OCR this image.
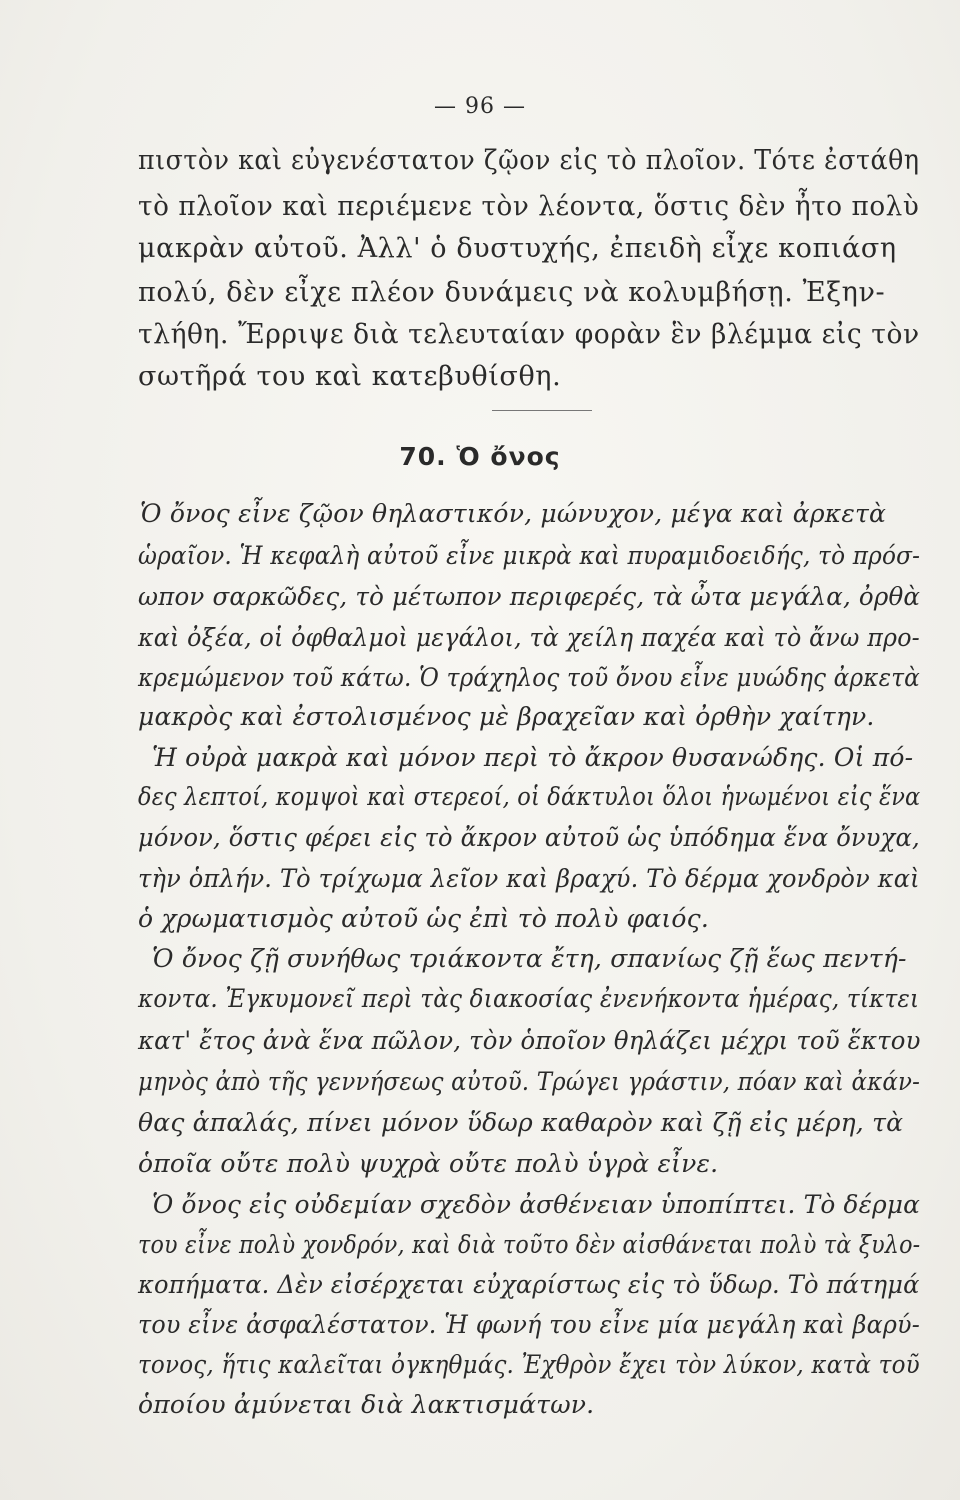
— 96 —
πιστὸν καὶ εὐγενέστατον ζῷον εἰς τὸ πλοῖον. Τότε ἐστάθη
τὸ πλοῖον καὶ περιέμενε τὸν λέοντα, ὅστις δὲν ἦτο πολὺ
μακρὰν αὐτοῦ. Ἀλλ' ὁ δυστυχής, ἐπειδὴ εἶχε κοπιάση
πολύ, δὲν εἶχε πλέον δυνάμεις νὰ κολυμβήσῃ. Ἐξην-
τλήθη. Ἔρριψε διὰ τελευταίαν φορὰν ἓν βλέμμα εἰς τὸν
σωτῆρά του καὶ κατεβυθίσθη.
70. Ὁ ὄνος
Ὁ ὄνος εἶνε ζῷον θηλαστικόν, μώνυχον, μέγα καὶ ἀρκετὰ
ὡραῖον. Ἡ κεφαλὴ αὐτοῦ εἶνε μικρὰ καὶ πυραμιδοειδής, τὸ πρόσ-
ωπον σαρκῶδες, τὸ μέτωπον περιφερές, τὰ ὦτα μεγάλα, ὀρθὰ
καὶ ὀξέα, οἱ ὀφθαλμοὶ μεγάλοι, τὰ χείλη παχέα καὶ τὸ ἄνω προ-
κρεμώμενον τοῦ κάτω. Ὁ τράχηλος τοῦ ὄνου εἶνε μυώδης ἀρκετὰ
μακρὸς καὶ ἐστολισμένος μὲ βραχεῖαν καὶ ὀρθὴν χαίτην.
Ἡ οὐρὰ μακρὰ καὶ μόνον περὶ τὸ ἄκρον θυσανώδης. Οἱ πό-
δες λεπτοί, κομψοὶ καὶ στερεοί, οἱ δάκτυλοι ὅλοι ἡνωμένοι εἰς ἕνα
μόνον, ὅστις φέρει εἰς τὸ ἄκρον αὐτοῦ ὡς ὑπόδημα ἕνα ὄνυχα,
τὴν ὁπλήν. Τὸ τρίχωμα λεῖον καὶ βραχύ. Τὸ δέρμα χονδρὸν καὶ
ὁ χρωματισμὸς αὐτοῦ ὡς ἐπὶ τὸ πολὺ φαιός.
Ὁ ὄνος ζῇ συνήθως τριάκοντα ἔτη, σπανίως ζῇ ἕως πεντή-
κοντα. Ἐγκυμονεῖ περὶ τὰς διακοσίας ἐνενήκοντα ἡμέρας, τίκτει
κατ' ἔτος ἀνὰ ἕνα πῶλον, τὸν ὁποῖον θηλάζει μέχρι τοῦ ἕκτου
μηνὸς ἀπὸ τῆς γεννήσεως αὐτοῦ. Τρώγει γράστιν, πόαν καὶ ἀκάν-
θας ἁπαλάς, πίνει μόνον ὕδωρ καθαρὸν καὶ ζῇ εἰς μέρη, τὰ
ὁποῖα οὔτε πολὺ ψυχρὰ οὔτε πολὺ ὑγρὰ εἶνε.
Ὁ ὄνος εἰς οὐδεμίαν σχεδὸν ἀσθένειαν ὑποπίπτει. Τὸ δέρμα
του εἶνε πολὺ χονδρόν, καὶ διὰ τοῦτο δὲν αἰσθάνεται πολὺ τὰ ξυλο-
κοπήματα. Δὲν εἰσέρχεται εὐχαρίστως εἰς τὸ ὕδωρ. Τὸ πάτημά
του εἶνε ἀσφαλέστατον. Ἡ φωνή του εἶνε μία μεγάλη καὶ βαρύ-
τονος, ἥτις καλεῖται ὀγκηθμάς. Ἐχθρὸν ἔχει τὸν λύκον, κατὰ τοῦ
ὁποίου ἀμύνεται διὰ λακτισμάτων.
